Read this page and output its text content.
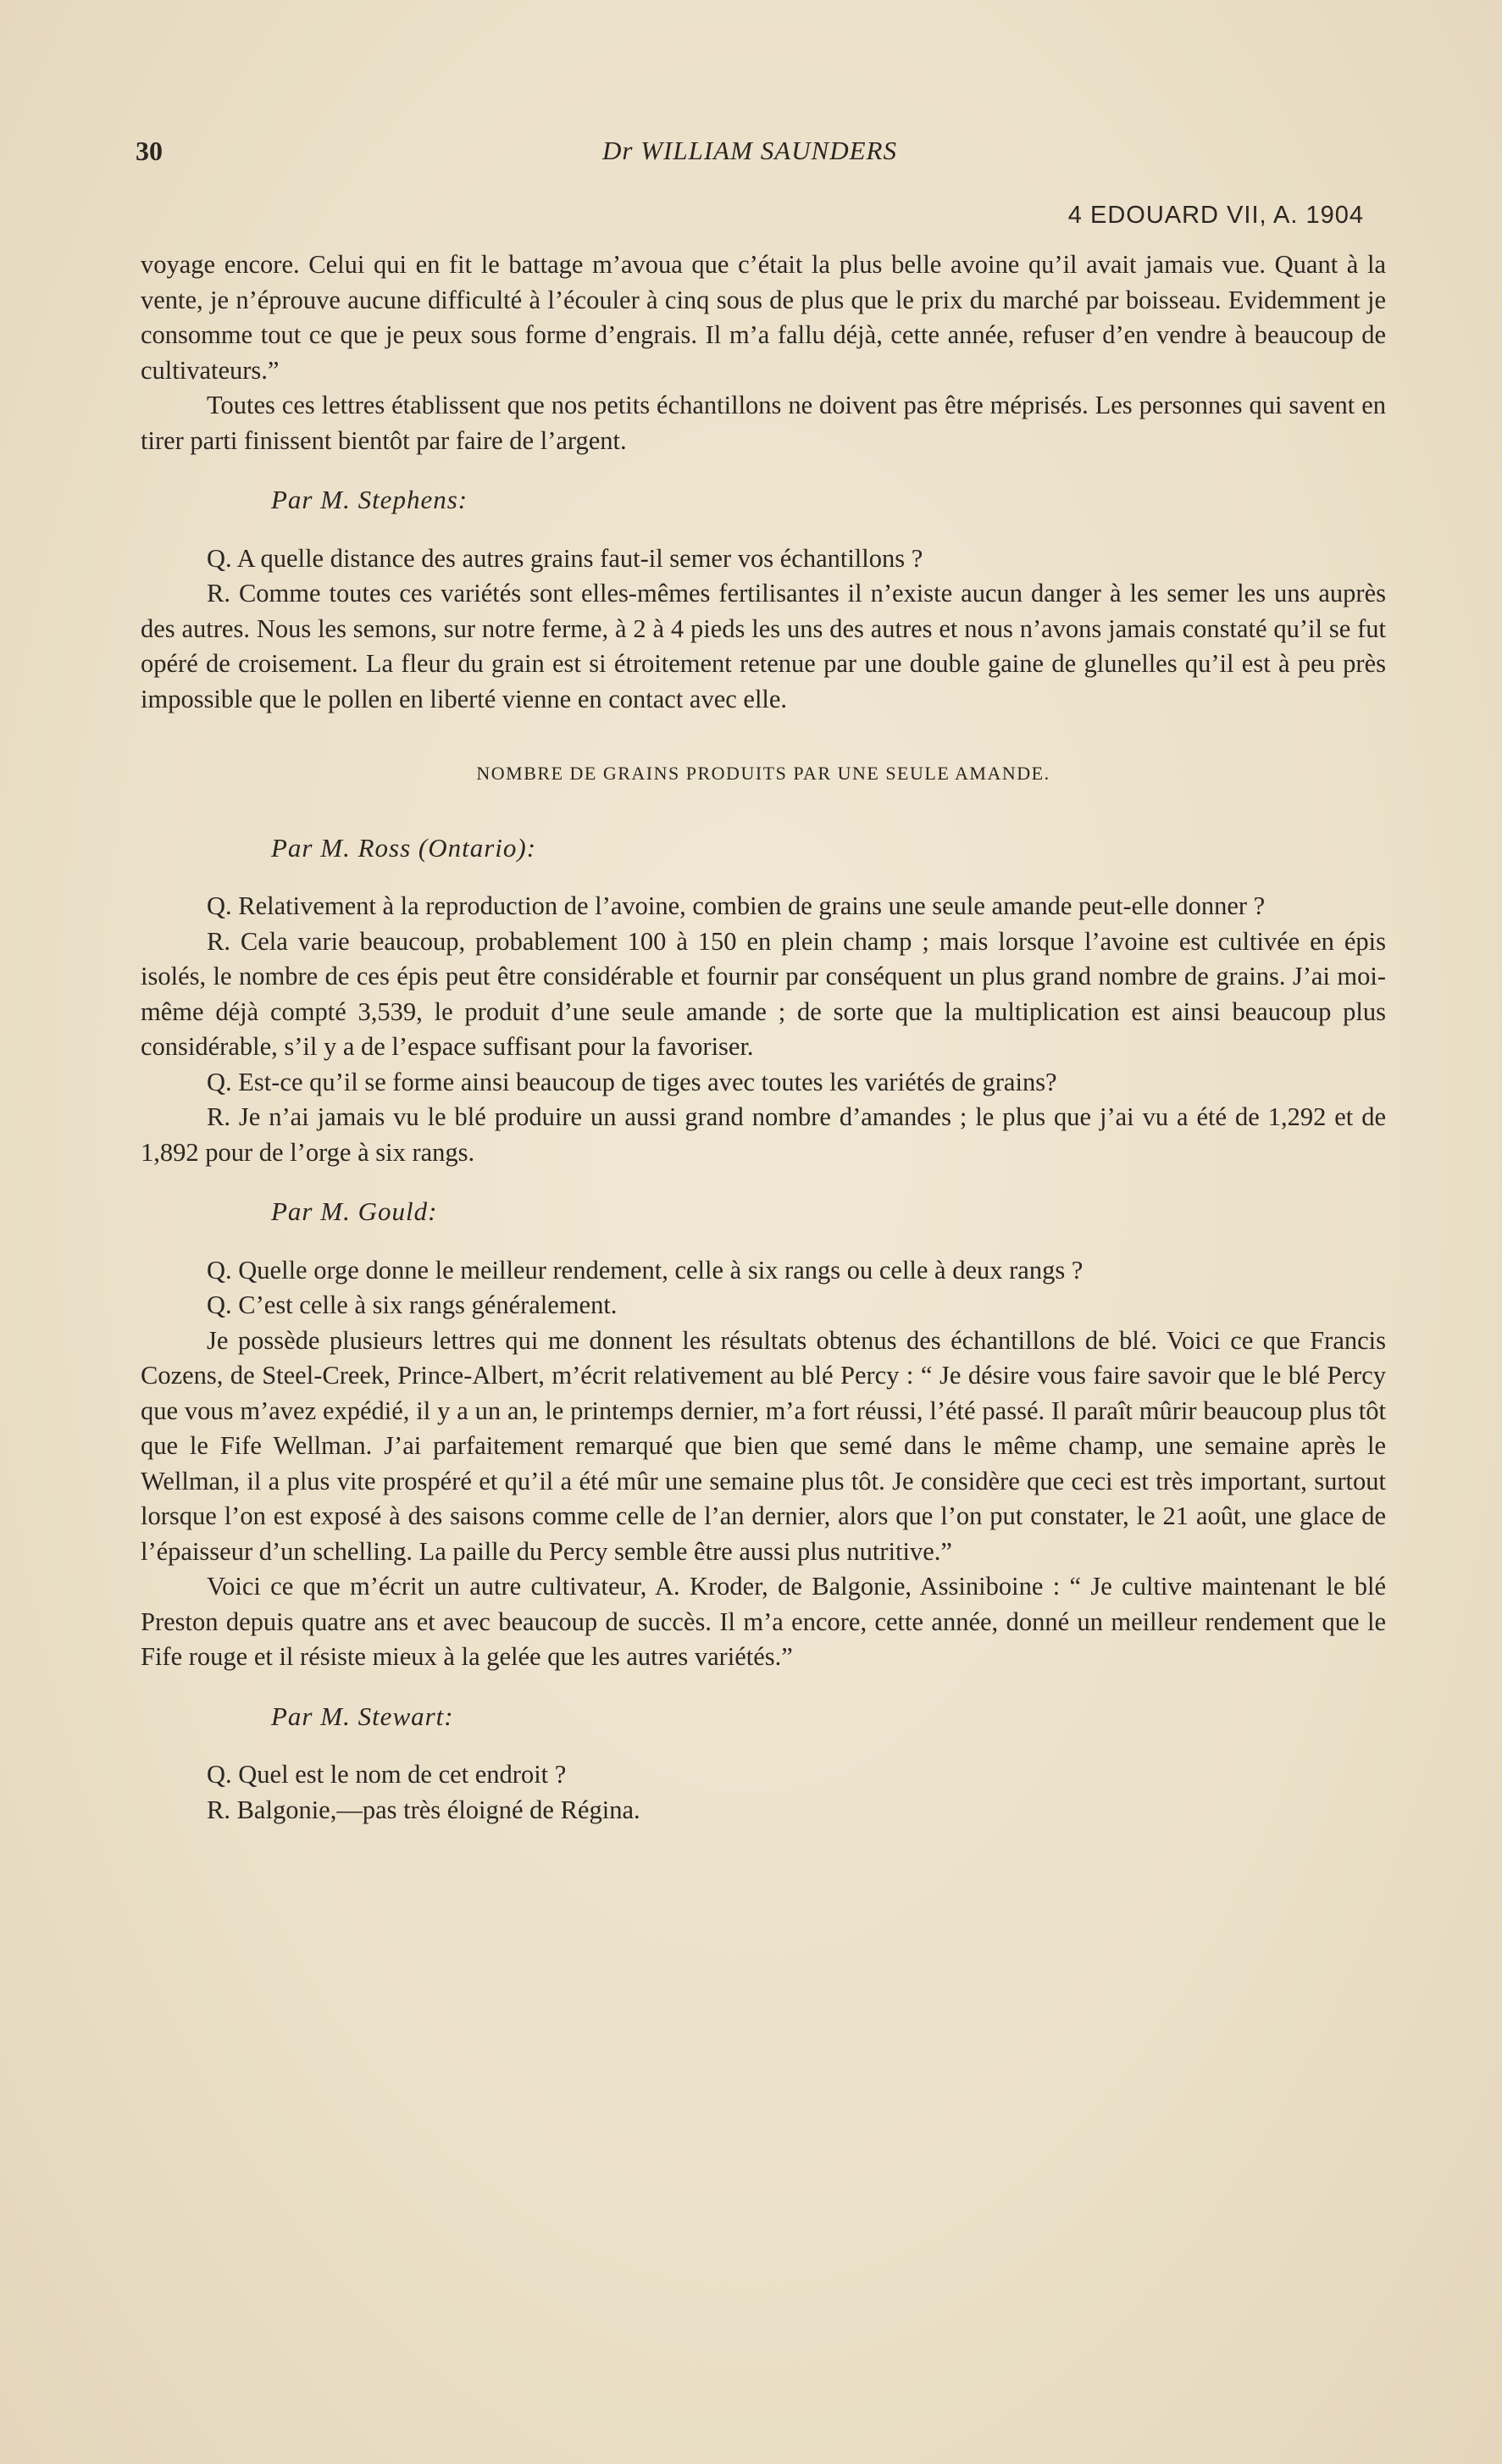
30	Dr WILLIAM SAUNDERS
4 EDOUARD VII, A. 1904

voyage encore. Celui qui en fit le battage m’avoua que c’était la plus belle avoine qu’il avait jamais vue. Quant à la vente, je n’éprouve aucune difficulté à l’écouler à cinq sous de plus que le prix du marché par boisseau. Evidemment je consomme tout ce que je peux sous forme d’engrais. Il m’a fallu déjà, cette année, refuser d’en vendre à beaucoup de cultivateurs.”

Toutes ces lettres établissent que nos petits échantillons ne doivent pas être méprisés. Les personnes qui savent en tirer parti finissent bientôt par faire de l’argent.

Par M. Stephens:

Q. A quelle distance des autres grains faut-il semer vos échantillons ?

R. Comme toutes ces variétés sont elles-mêmes fertilisantes il n’existe aucun danger à les semer les uns auprès des autres. Nous les semons, sur notre ferme, à 2 à 4 pieds les uns des autres et nous n’avons jamais constaté qu’il se fut opéré de croisement. La fleur du grain est si étroitement retenue par une double gaine de glunelles qu’il est à peu près impossible que le pollen en liberté vienne en contact avec elle.

NOMBRE DE GRAINS PRODUITS PAR UNE SEULE AMANDE.

Par M. Ross (Ontario):

Q. Relativement à la reproduction de l’avoine, combien de grains une seule amande peut-elle donner ?

R. Cela varie beaucoup, probablement 100 à 150 en plein champ ; mais lorsque l’avoine est cultivée en épis isolés, le nombre de ces épis peut être considérable et fournir par conséquent un plus grand nombre de grains. J’ai moi-même déjà compté 3,539, le produit d’une seule amande ; de sorte que la multiplication est ainsi beaucoup plus considérable, s’il y a de l’espace suffisant pour la favoriser.

Q. Est-ce qu’il se forme ainsi beaucoup de tiges avec toutes les variétés de grains?

R. Je n’ai jamais vu le blé produire un aussi grand nombre d’amandes ; le plus que j’ai vu a été de 1,292 et de 1,892 pour de l’orge à six rangs.

Par M. Gould:

Q. Quelle orge donne le meilleur rendement, celle à six rangs ou celle à deux rangs ?

Q. C’est celle à six rangs généralement.

Je possède plusieurs lettres qui me donnent les résultats obtenus des échantillons de blé. Voici ce que Francis Cozens, de Steel-Creek, Prince-Albert, m’écrit relativement au blé Percy : “ Je désire vous faire savoir que le blé Percy que vous m’avez expédié, il y a un an, le printemps dernier, m’a fort réussi, l’été passé. Il paraît mûrir beaucoup plus tôt que le Fife Wellman. J’ai parfaitement remarqué que bien que semé dans le même champ, une semaine après le Wellman, il a plus vite prospéré et qu’il a été mûr une semaine plus tôt. Je considère que ceci est très important, surtout lorsque l’on est exposé à des saisons comme celle de l’an dernier, alors que l’on put constater, le 21 août, une glace de l’épaisseur d’un schelling. La paille du Percy semble être aussi plus nutritive.”

Voici ce que m’écrit un autre cultivateur, A. Kroder, de Balgonie, Assiniboine : “ Je cultive maintenant le blé Preston depuis quatre ans et avec beaucoup de succès. Il m’a encore, cette année, donné un meilleur rendement que le Fife rouge et il résiste mieux à la gelée que les autres variétés.”

Par M. Stewart:

Q. Quel est le nom de cet endroit ?

R. Balgonie,—pas très éloigné de Régina.
